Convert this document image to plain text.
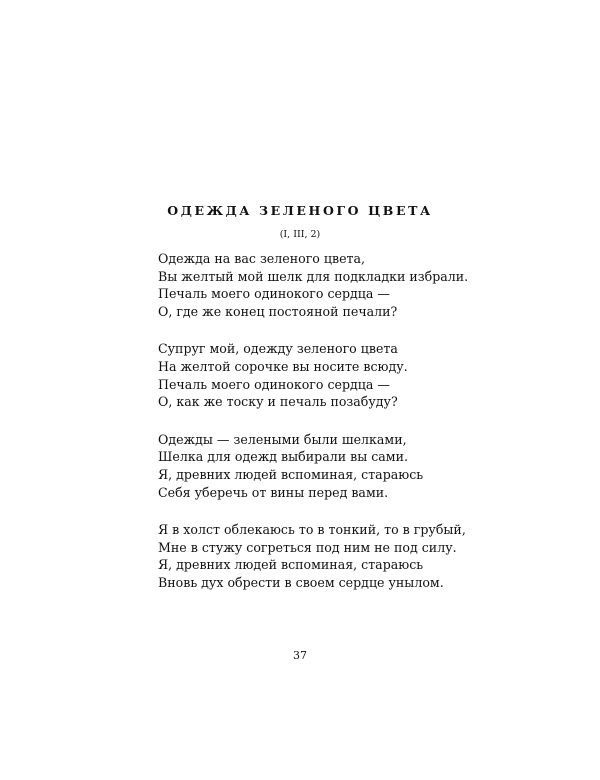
ОДЕЖДА ЗЕЛЕНОГО ЦВЕТА

(I, III, 2)

Одежда на вас зеленого цвета,
Вы желтый мой шелк для подкладки избрали.
Печаль моего одинокого сердца —
О, где же конец постояной печали?
Супруг мой, одежду зеленого цвета
На желтой сорочке вы носите всюду.
Печаль моего одинокого сердца —
О, как же тоску и печаль позабуду?
Одежды — зелеными были шелками,
Шелка для одежд выбирали вы сами.
Я, древних людей вспоминая, стараюсь
Себя уберечь от вины перед вами.
Я в холст облекаюсь то в тонкий, то в грубый,
Мне в стужу согреться под ним не под силу.
Я, древних людей вспоминая, стараюсь
Вновь дух обрести в своем сердце унылом.

37
